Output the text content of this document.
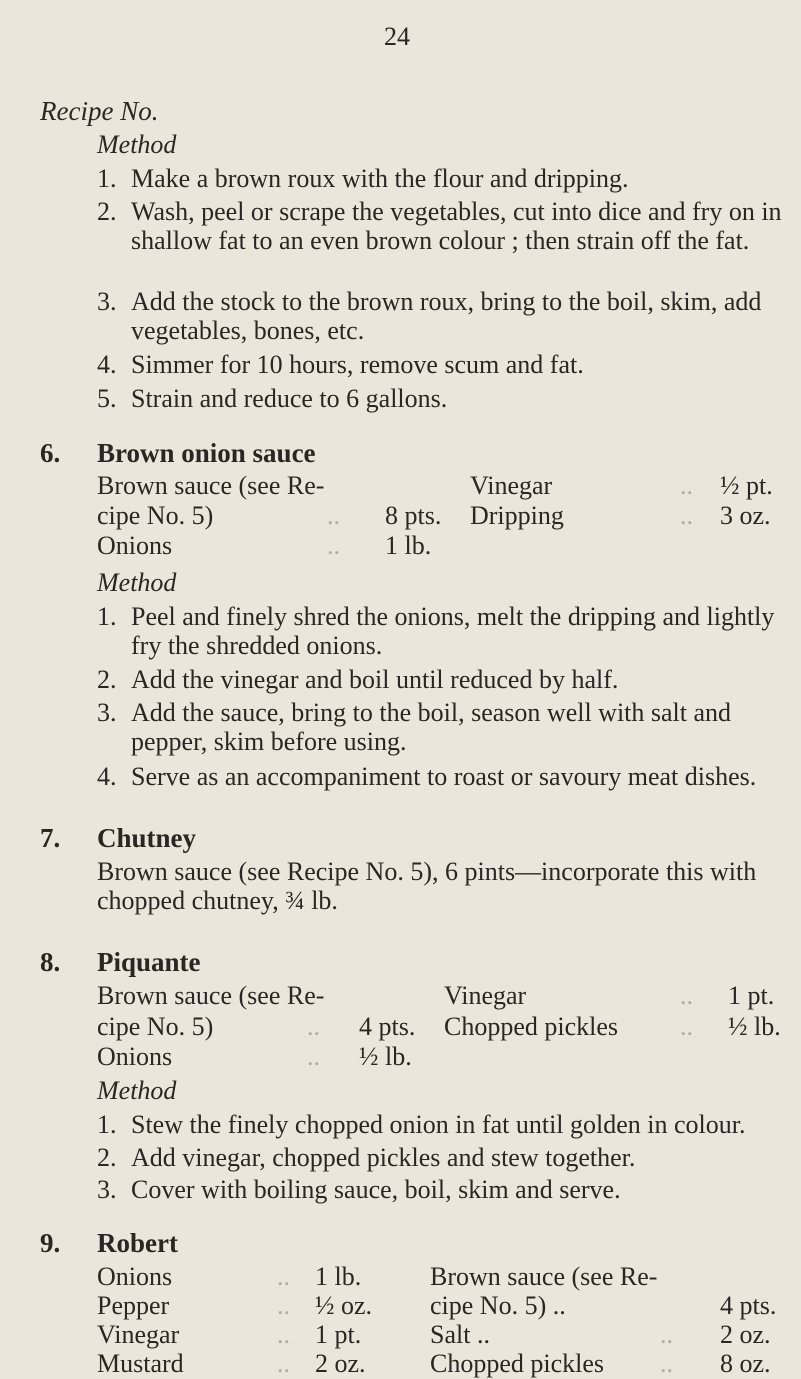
24
Recipe No.
Method
1. Make a brown roux with the flour and dripping.
2. Wash, peel or scrape the vegetables, cut into dice and fry on in shallow fat to an even brown colour ; then strain off the fat.
3. Add the stock to the brown roux, bring to the boil, skim, add vegetables, bones, etc.
4. Simmer for 10 hours, remove scum and fat.
5. Strain and reduce to 6 gallons.
6. Brown onion sauce
Brown sauce (see Re-
cipe No. 5)	.. 8 pts.
Onions	.. 1 lb.
Vinegar	.. ½ pt.
Dripping	.. 3 oz.
Method
1. Peel and finely shred the onions, melt the dripping and lightly fry the shredded onions.
2. Add the vinegar and boil until reduced by half.
3. Add the sauce, bring to the boil, season well with salt and pepper, skim before using.
4. Serve as an accompaniment to roast or savoury meat dishes.
7. Chutney
Brown sauce (see Recipe No. 5), 6 pints—incorporate this with chopped chutney, ¾ lb.
8. Piquante
Brown sauce (see Re-
cipe No. 5)	.. 4 pts.
Onions	.. ½ lb.
Vinegar	.. 1 pt.
Chopped pickles .. ½ lb.
Method
1. Stew the finely chopped onion in fat until golden in colour.
2. Add vinegar, chopped pickles and stew together.
3. Cover with boiling sauce, boil, skim and serve.
9. Robert
Onions	.. 1 lb.
Pepper	.. ½ oz.
Vinegar	.. 1 pt.
Mustard	.. 2 oz.
Brown sauce (see Re-
cipe No. 5) ..	4 pts.
Salt ..	.. 2 oz.
Chopped pickles .. 8 oz.
